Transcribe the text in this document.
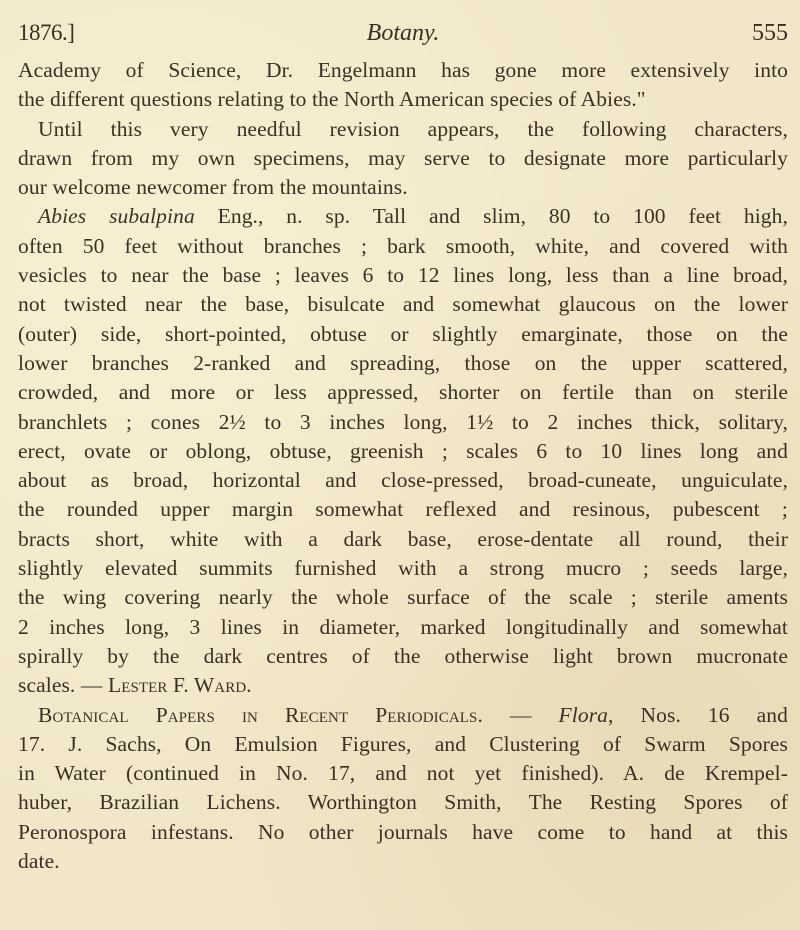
1876.]	Botany.	555
Academy of Science, Dr. Engelmann has gone more extensively into
the different questions relating to the North American species of Abies."
Until this very needful revision appears, the following characters,
drawn from my own specimens, may serve to designate more particularly
our welcome newcomer from the mountains.
Abies subalpina Eng., n. sp. Tall and slim, 80 to 100 feet high,
often 50 feet without branches ; bark smooth, white, and covered with
vesicles to near the base ; leaves 6 to 12 lines long, less than a line broad,
not twisted near the base, bisulcate and somewhat glaucous on the lower
(outer) side, short-pointed, obtuse or slightly emarginate, those on the
lower branches 2-ranked and spreading, those on the upper scattered,
crowded, and more or less appressed, shorter on fertile than on sterile
branchlets ; cones 2½ to 3 inches long, 1½ to 2 inches thick, solitary,
erect, ovate or oblong, obtuse, greenish ; scales 6 to 10 lines long and
about as broad, horizontal and close-pressed, broad-cuneate, unguiculate,
the rounded upper margin somewhat reflexed and resinous, pubescent ;
bracts short, white with a dark base, erose-dentate all round, their
slightly elevated summits furnished with a strong mucro ; seeds large,
the wing covering nearly the whole surface of the scale ; sterile aments
2 inches long, 3 lines in diameter, marked longitudinally and somewhat
spirally by the dark centres of the otherwise light brown mucronate
scales. — Lester F. Ward.
Botanical Papers in Recent Periodicals. — Flora, Nos. 16 and
17. J. Sachs, On Emulsion Figures, and Clustering of Swarm Spores
in Water (continued in No. 17, and not yet finished). A. de Krempel-
huber, Brazilian Lichens. Worthington Smith, The Resting Spores of
Peronospora infestans. No other journals have come to hand at this
date.
